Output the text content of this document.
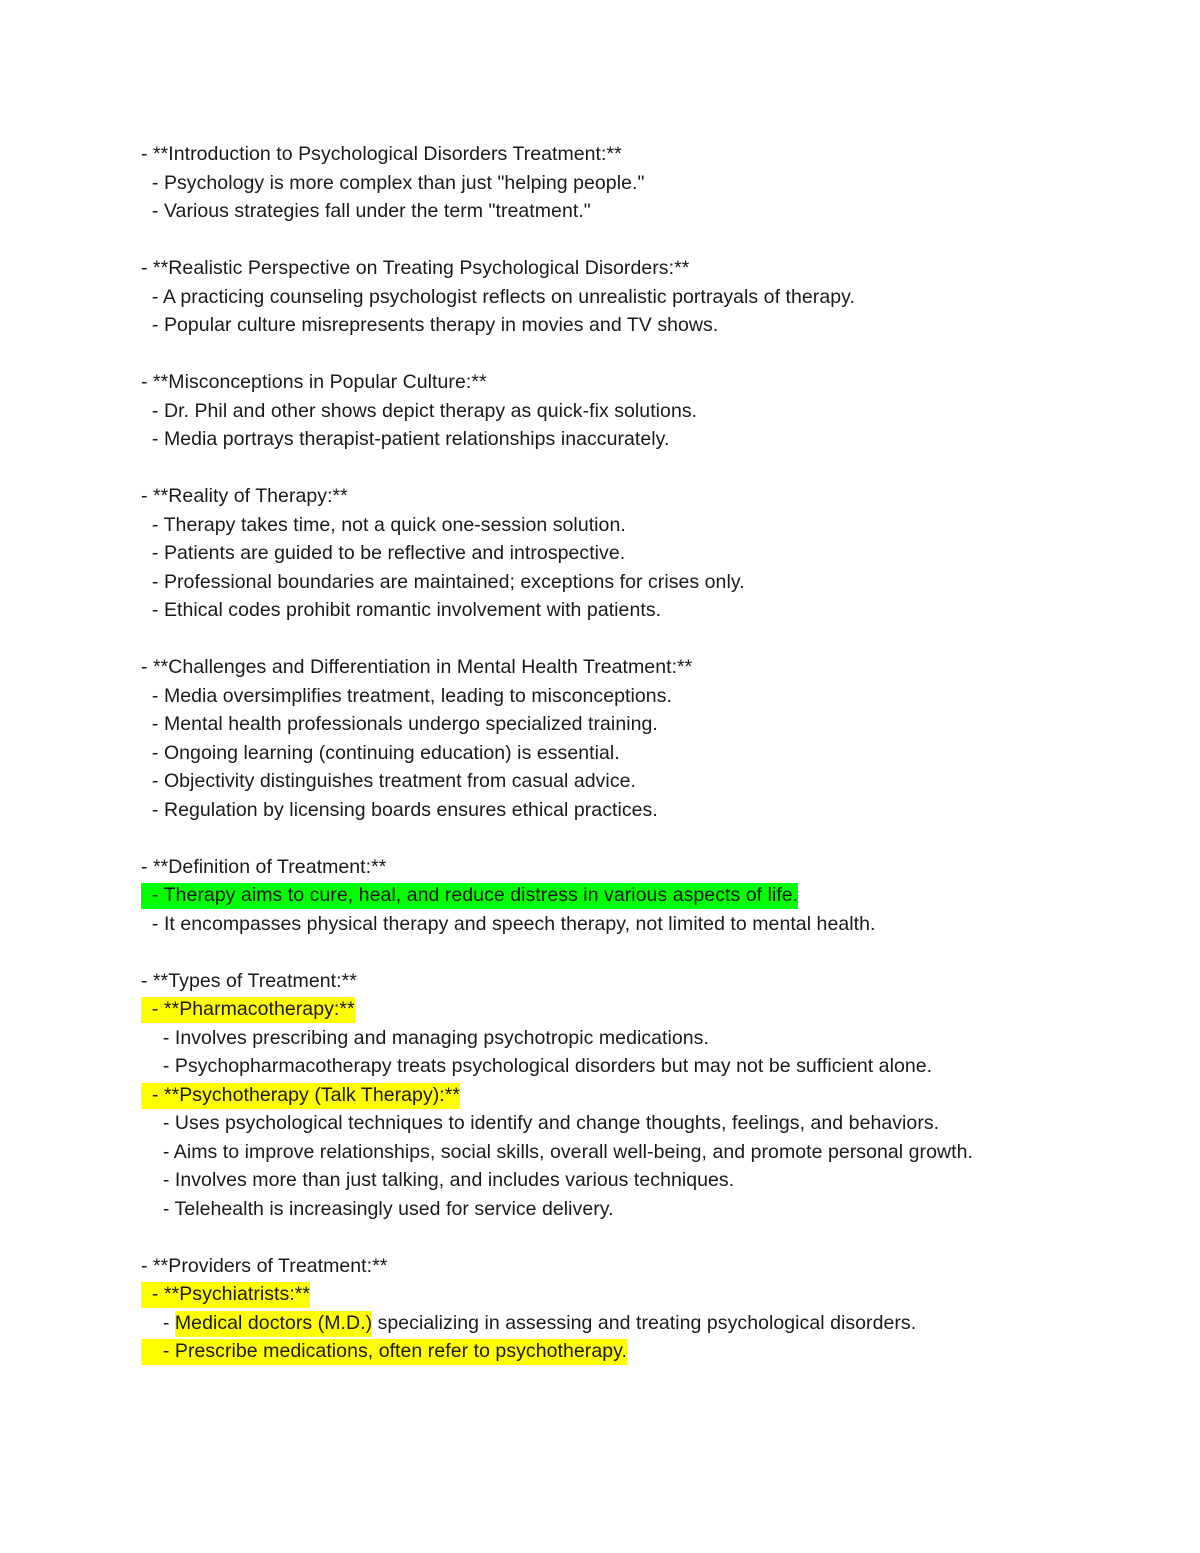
- **Introduction to Psychological Disorders Treatment:**
- Psychology is more complex than just "helping people."
- Various strategies fall under the term "treatment."
- **Realistic Perspective on Treating Psychological Disorders:**
- A practicing counseling psychologist reflects on unrealistic portrayals of therapy.
- Popular culture misrepresents therapy in movies and TV shows.
- **Misconceptions in Popular Culture:**
- Dr. Phil and other shows depict therapy as quick-fix solutions.
- Media portrays therapist-patient relationships inaccurately.
- **Reality of Therapy:**
- Therapy takes time, not a quick one-session solution.
- Patients are guided to be reflective and introspective.
- Professional boundaries are maintained; exceptions for crises only.
- Ethical codes prohibit romantic involvement with patients.
- **Challenges and Differentiation in Mental Health Treatment:**
- Media oversimplifies treatment, leading to misconceptions.
- Mental health professionals undergo specialized training.
- Ongoing learning (continuing education) is essential.
- Objectivity distinguishes treatment from casual advice.
- Regulation by licensing boards ensures ethical practices.
- **Definition of Treatment:**
- Therapy aims to cure, heal, and reduce distress in various aspects of life.
- It encompasses physical therapy and speech therapy, not limited to mental health.
- **Types of Treatment:**
- **Pharmacotherapy:**
- Involves prescribing and managing psychotropic medications.
- Psychopharmacotherapy treats psychological disorders but may not be sufficient alone.
- **Psychotherapy (Talk Therapy):**
- Uses psychological techniques to identify and change thoughts, feelings, and behaviors.
- Aims to improve relationships, social skills, overall well-being, and promote personal growth.
- Involves more than just talking, and includes various techniques.
- Telehealth is increasingly used for service delivery.
- **Providers of Treatment:**
- **Psychiatrists:**
- Medical doctors (M.D.) specializing in assessing and treating psychological disorders.
- Prescribe medications, often refer to psychotherapy.
